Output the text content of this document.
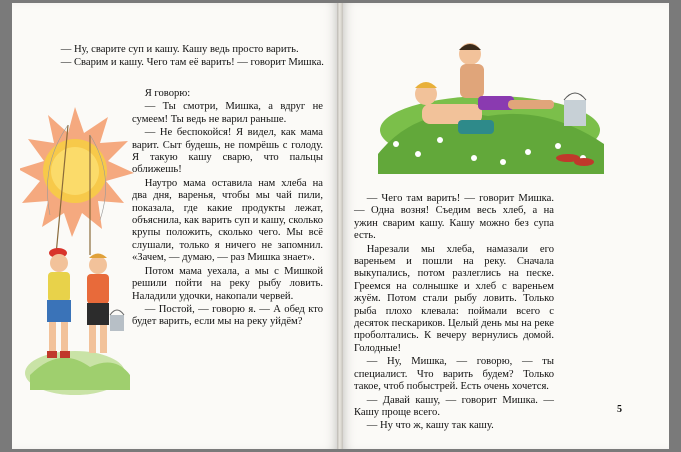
— Ну, сварите суп и кашу. Кашу ведь просто варить.

— Сварим и кашу. Чего там её варить! — говорит Мишка.

Я говорю:

— Ты смотри, Мишка, а вдруг не сумеем! Ты ведь не варил раньше.

— Не беспокойся! Я видел, как мама варит. Сыт будешь, не помрёшь с голоду. Я такую кашу сварю, что пальцы оближешь!

Наутро мама оставила нам хлеба на два дня, варенья, чтобы мы чай пили, показала, где какие продукты лежат, объяснила, как варить суп и кашу, сколько крупы положить, сколько чего. Мы всё слушали, только я ничего не запомнил. «Зачем, — думаю, — раз Мишка знает».

Потом мама уехала, а мы с Мишкой решили пойти на реку рыбу ловить. Наладили удочки, накопали червей.

— Постой, — говорю я. — А обед кто будет варить, если мы на реку уйдём?

— Чего там варить! — говорит Мишка. — Одна возня! Съедим весь хлеб, а на ужин сварим кашу. Кашу можно без супа есть.

Нарезали мы хлеба, намазали его вареньем и пошли на реку. Сначала выкупались, потом разлеглись на песке. Греемся на солнышке и хлеб с вареньем жуём. Потом стали рыбу ловить. Только рыба плохо клевала: поймали всего с десяток пескариков. Целый день мы на реке проболтались. К вечеру вернулись домой. Голодные!

— Ну, Мишка, — говорю, — ты специалист. Что варить будем? Только такое, чтоб побыстрей. Есть очень хочется.

— Давай кашу, — говорит Мишка. — Кашу проще всего.

— Ну что ж, кашу так кашу.

5
